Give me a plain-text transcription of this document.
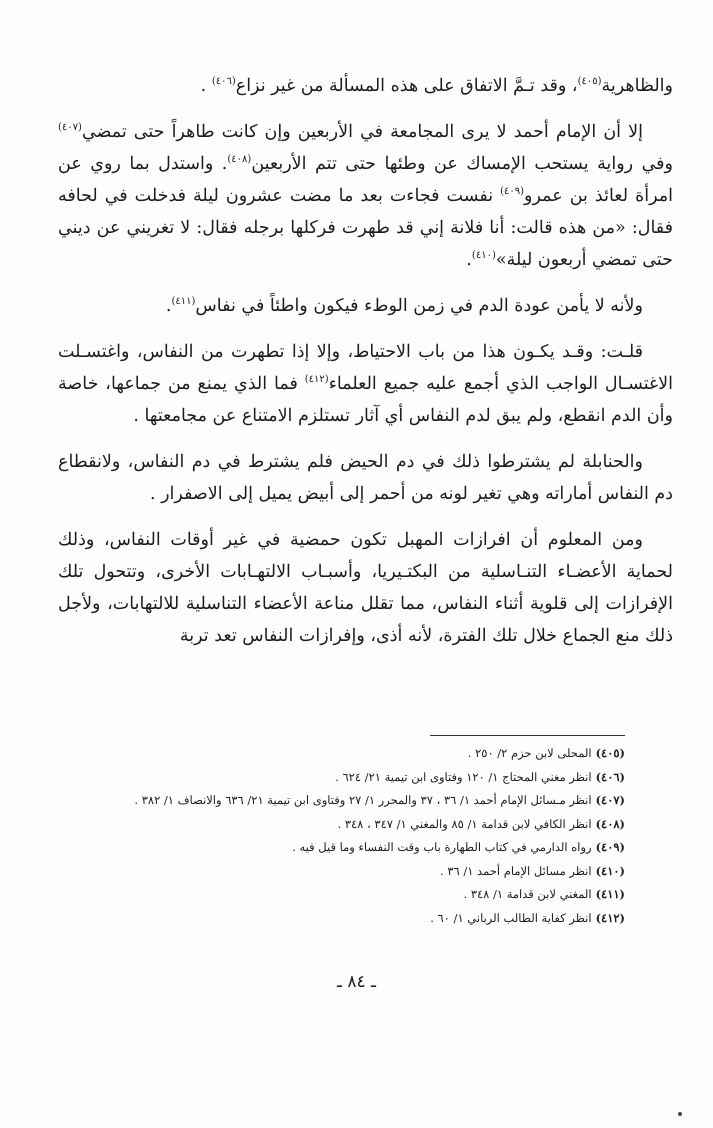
والظاهرية$^{(٤٠٥)}$، وقد تـمَّ الاتفاق على هذه المسألة من غير نزاع$^{(٤٠٦)}$ .

إلا أن الإمام أحمد لا يرى المجامعة في الأربعين وإن كانت طاهراً حتى تمضي$^{(٤٠٧)}$ وفي رواية يستحب الإمساك عن وطئها حتى تتم الأربعين$^{(٤٠٨)}$. واستدل بما روي عن امرأة لعائذ بن عمرو$^{(٤٠٩)}$ نفست فجاءت بعد ما مضت عشرون ليلة فدخلت في لحافه فقال: «من هذه قالت: أنا فلانة إني قد طهرت فركلها برجله فقال: لا تغريني عن ديني حتى تمضي أربعون ليلة»$^{(٤١٠)}$.

ولأنه لا يأمن عودة الدم في زمن الوطء فيكون واطئاً في نفاس$^{(٤١١)}$.

قلـت: وقـد يكـون هذا من باب الاحتياط، وإلا إذا تطهرت من النفاس، واغتسـلت الاغتسـال الواجب الذي أجمع عليه جميع العلماء$^{(٤١٢)}$ فما الذي يمنع من جماعها، خاصة وأن الدم انقطع، ولم يبق لدم النفاس أي آثار تستلزم الامتناع عن مجامعتها .

والحنابلة لم يشترطوا ذلك في دم الحيض فلم يشترط في دم النفاس، ولانقطاع دم النفاس أماراته وهي تغير لونه من أحمر إلى أبيض يميل إلى الاصفرار .

ومن المعلوم أن افرازات المهبل تكون حمضية في غير أوقات النفاس، وذلك لحماية الأعضـاء التنـاسلية من البكتـيريا، وأسبـاب الالتهـابات الأخرى، وتتحول تلك الإفرازات إلى قلوية أثناء النفاس، مما تقلل مناعة الأعضاء التناسلية للالتهابات، ولأجل ذلك منع الجماع خلال تلك الفترة، لأنه أذى، وإفرازات النفاس تعد تربة

(٤٠٥)المحلى لابن حزم ٢/ ٢٥٠ .
(٤٠٦)انظر مغني المحتاج ١/ ١٢٠ وفتاوى ابن تيمية ٢١/ ٦٢٤ .
(٤٠٧)انظر مـسائل الإمام أحمد ١/ ٣٦ ، ٣٧ والمحرر ١/ ٢٧ وفتاوى ابن تيمية ٢١/ ٦٣٦ والانصاف ١/ ٣٨٢ .
(٤٠٨)انظر الكافي لابن قدامة ١/ ٨٥ والمغني ١/ ٣٤٧ ، ٣٤٨ .
(٤٠٩)رواه الدارمي في كتاب الطهارة باب وقت النفساء وما قيل فيه .
(٤١٠)انظر مسائل الإمام أحمد ١/ ٣٦ .
(٤١١)المغني لابن قدامة ١/ ٣٤٨ .
(٤١٢)انظر كفاية الطالب الرباني ١/ ٦٠ .
ـ ٨٤ ـ
